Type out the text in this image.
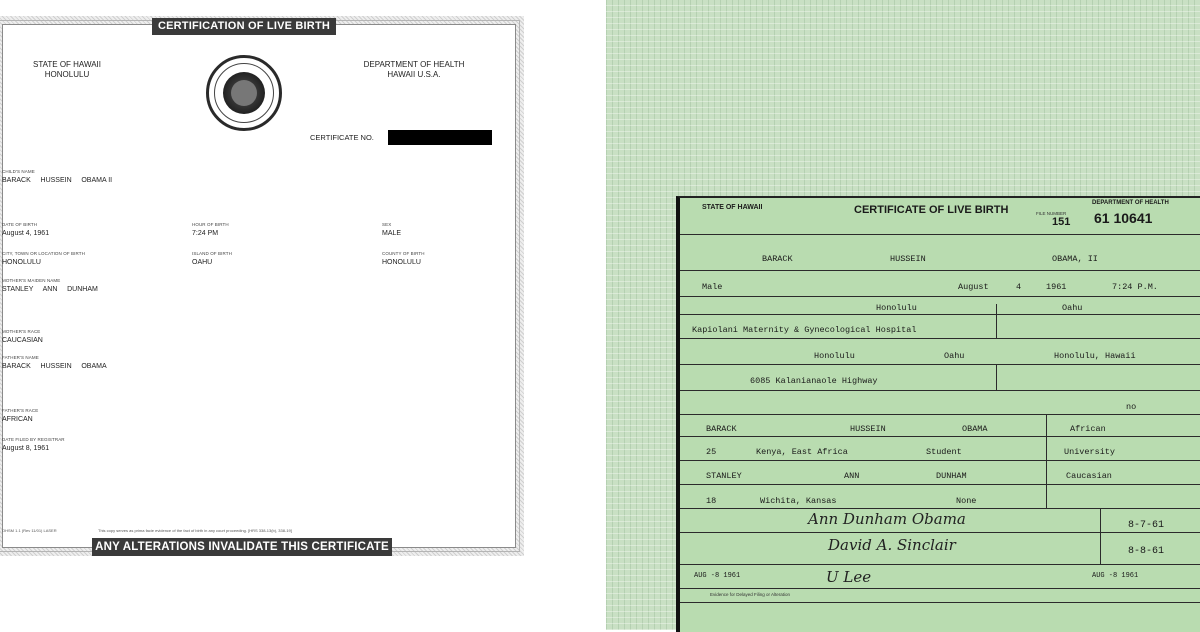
CERTIFICATION OF LIVE BIRTH
STATE OF HAWAII
HONOLULU
DEPARTMENT OF HEALTH
HAWAII U.S.A.
CERTIFICATE NO.
CHILD'S NAME
BARACK     HUSSEIN     OBAMA II
DATE OF BIRTH
August 4, 1961
HOUR OF BIRTH
7:24 PM
SEX
MALE
CITY, TOWN OR LOCATION OF BIRTH
HONOLULU
ISLAND OF BIRTH
OAHU
COUNTY OF BIRTH
HONOLULU
MOTHER'S MAIDEN NAME
STANLEY     ANN     DUNHAM
MOTHER'S RACE
CAUCASIAN
FATHER'S NAME
BARACK     HUSSEIN     OBAMA
FATHER'S RACE
AFRICAN
DATE FILED BY REGISTRAR
August 8, 1961
OHSM 1.1 (Rev 11/01) LASER	This copy serves as prima facie evidence of the fact of birth in any court proceeding. [HRS 338-13(b), 338-19]
ANY ALTERATIONS INVALIDATE THIS CERTIFICATE
STATE OF HAWAII	CERTIFICATE OF LIVE BIRTH	FILE NUMBER
151
DEPARTMENT OF HEALTH
61 10641
BARACK	HUSSEIN	OBAMA, II
Male	August	4	1961	7:24 P.M.
Honolulu	Oahu
Kapiolani Maternity & Gynecological Hospital
Honolulu	Oahu	Honolulu, Hawaii
6085 Kalanianaole Highway
no
BARACK	HUSSEIN	OBAMA	African
25	Kenya, East Africa	Student	University
STANLEY	ANN	DUNHAM	Caucasian
18	Wichita, Kansas	None
Ann Dunham Obama	8-7-61
David A. Sinclair	8-8-61
AUG -8 1961	U Lee	AUG -8 1961
Evidence for Delayed Filing or Alteration
